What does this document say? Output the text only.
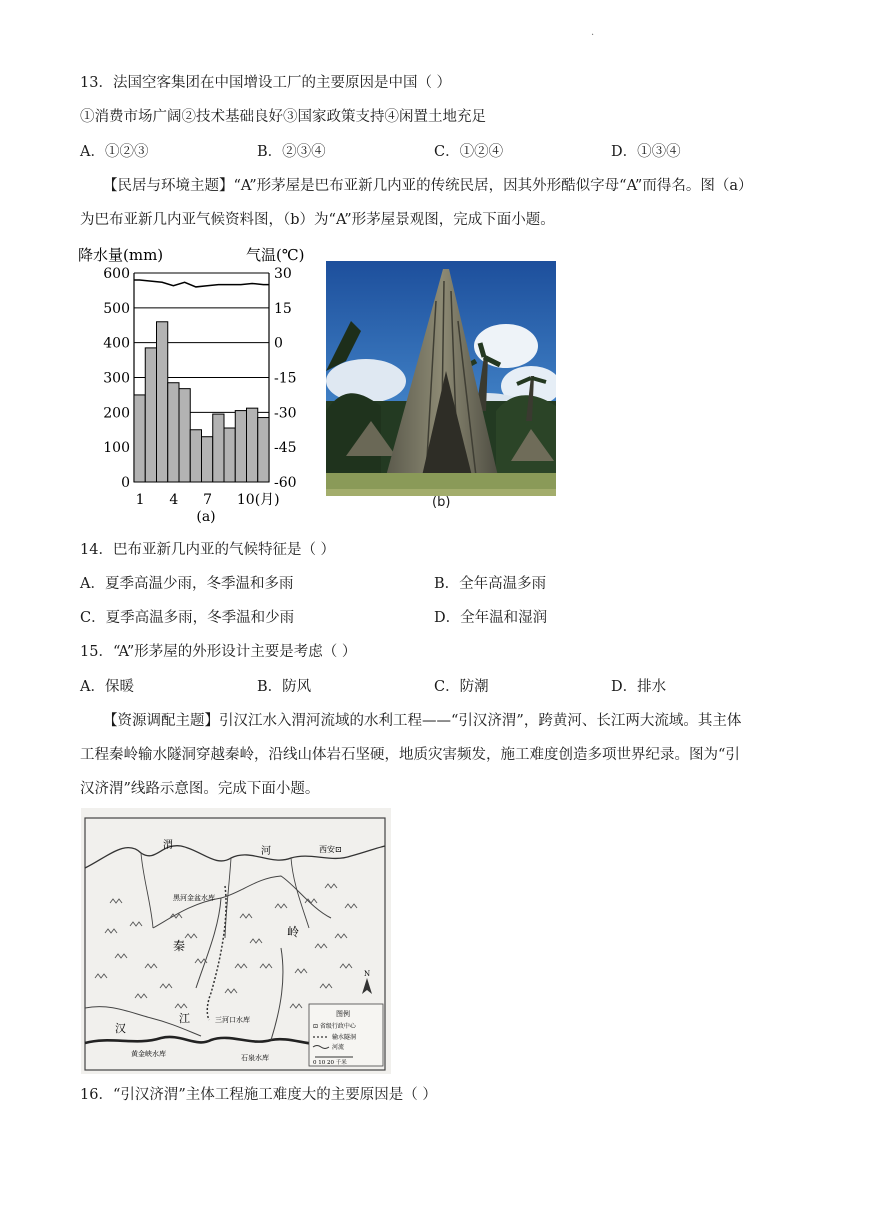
·
13．法国空客集团在中国增设工厂的主要原因是中国（ ）
①消费市场广阔②技术基础良好③国家政策支持④闲置土地充足
A．①②③	B．②③④	C．①②④	D．①③④
【民居与环境主题】“A”形茅屋是巴布亚新几内亚的传统民居，因其外形酷似字母“A”而得名。图（a）
为巴布亚新几内亚气候资料图，（b）为“A”形茅屋景观图，完成下面小题。
降水量(mm)	气温(℃)
0
100
200
300
400
500
600
-60
-45
-30
-15
0
15
30
1 4 7 10(月)
(a)
(b)
14．巴布亚新几内亚的气候特征是（ ）
A．夏季高温少雨，冬季温和多雨	B．全年高温多雨
C．夏季高温多雨，冬季温和少雨	D．全年温和湿润
15．“A”形茅屋的外形设计主要是考虑（ ）
A．保暖	B．防风	C．防潮	D．排水
【资源调配主题】引汉江水入渭河流域的水利工程——“引汉济渭”，跨黄河、长江两大流域。其主体
工程秦岭输水隧洞穿越秦岭，沿线山体岩石坚硬，地质灾害频发，施工难度创造多项世界纪录。图为“引
汉济渭”线路示意图。完成下面小题。
渭
河	西安⊡
秦
岭
汉
江
黑河金盆水库
三河口水库
黄金峡水库	石泉水库
N
图例
⊡ 省级行政中心
输水隧洞
河流
0 10 20 千米
16．“引汉济渭”主体工程施工难度大的主要原因是（ ）
